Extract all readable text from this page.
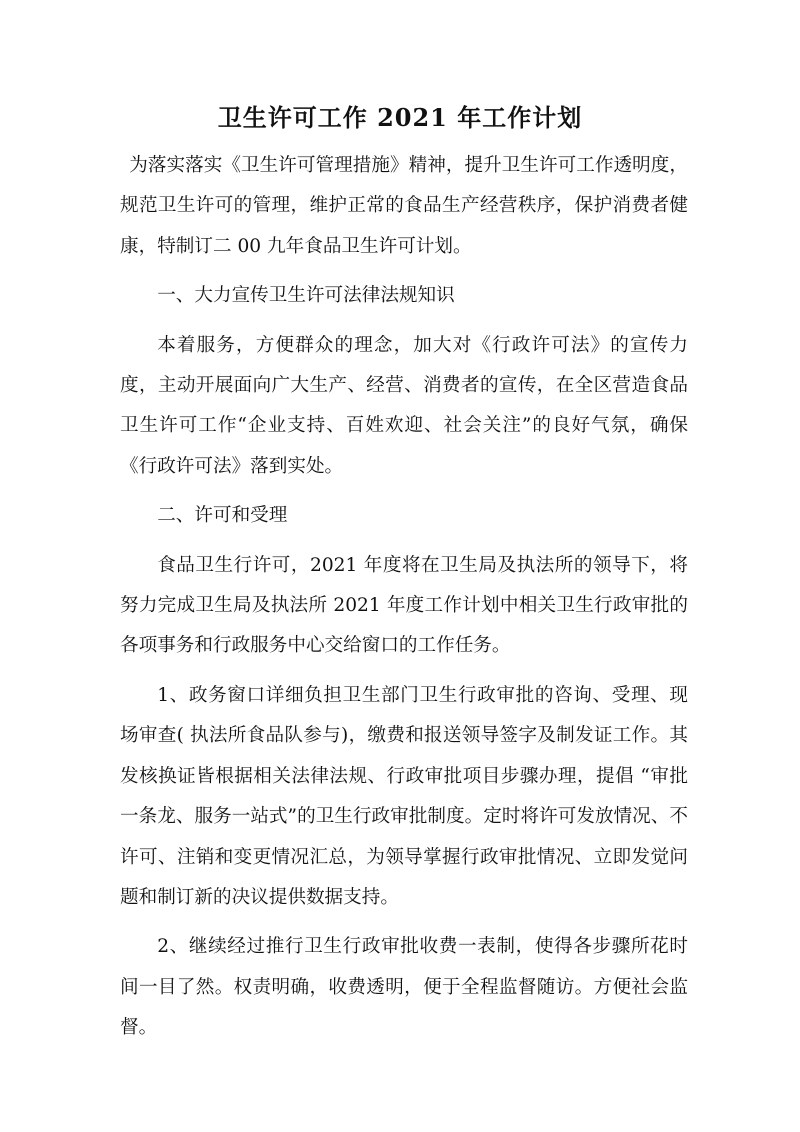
卫生许可工作 2021 年工作计划

为落实落实《卫生许可管理措施》精神，提升卫生许可工作透明度，规范卫生许可的管理，维护正常的食品生产经营秩序，保护消费者健康，特制订二 00 九年食品卫生许可计划。

一、大力宣传卫生许可法律法规知识

本着服务，方便群众的理念，加大对《行政许可法》的宣传力度，主动开展面向广大生产、经营、消费者的宣传，在全区营造食品卫生许可工作“企业支持、百姓欢迎、社会关注”的良好气氛，确保《行政许可法》落到实处。

二、许可和受理

食品卫生行许可，2021 年度将在卫生局及执法所的领导下，将努力完成卫生局及执法所 2021 年度工作计划中相关卫生行政审批的各项事务和行政服务中心交给窗口的工作任务。

1、政务窗口详细负担卫生部门卫生行政审批的咨询、受理、现场审查( 执法所食品队参与)，缴费和报送领导签字及制发证工作。其发核换证皆根据相关法律法规、行政审批项目步骤办理，提倡 “审批一条龙、服务一站式”的卫生行政审批制度。定时将许可发放情况、不许可、注销和变更情况汇总，为领导掌握行政审批情况、立即发觉问题和制订新的决议提供数据支持。

2、继续经过推行卫生行政审批收费一表制，使得各步骤所花时间一目了然。权责明确，收费透明，便于全程监督随访。方便社会监督。
